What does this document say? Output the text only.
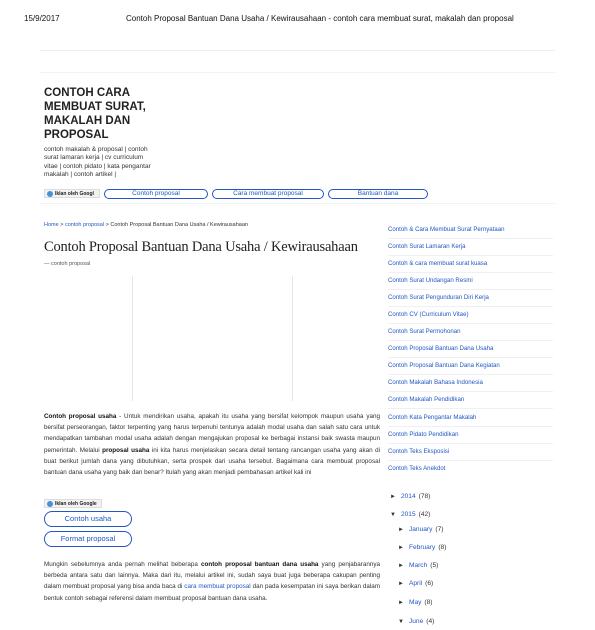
15/9/2017	Contoh Proposal Bantuan Dana Usaha / Kewirausahaan - contoh cara membuat surat, makalah dan proposal
CONTOH CARA MEMBUAT SURAT, MAKALAH DAN PROPOSAL
contoh makalah & proposal | contoh surat lamaran kerja | cv curriculum vitae | contoh pidato | kata pengantar makalah | contoh artikel |
Iklan oleh Googl	Contoh proposal	Cara membuat proposal	Bantuan dana
Home > contoh proposal > Contoh Proposal Bantuan Dana Usaha / Kewirausahaan
Contoh Proposal Bantuan Dana Usaha / Kewirausahaan
— contoh proposal
Contoh proposal usaha - Untuk mendirikan usaha, apakah itu usaha yang bersifat kelompok maupun usaha yang bersifat perseorangan, faktor terpenting yang harus terpenuhi tentunya adalah modal usaha dan salah satu cara untuk mendapatkan tambahan modal usaha adalah dengan mengajukan proposal ke berbagai instansi baik swasta maupun pemerintah. Melalui proposal usaha ini kita harus menjelaskan secara detail tentang rancangan usaha yang akan di buat berikut jumlah dana yang dibutuhkan, serta prospek dari usaha tersebut. Bagaimana cara membuat proposal bantuan dana usaha yang baik dan benar? Itulah yang akan menjadi pembahasan artikel kali ini
Iklan oleh Google
Contoh usaha
Format proposal
Mungkin sebelumnya anda pernah melihat beberapa contoh proposal bantuan dana usaha yang penjabarannya berbeda antara satu dan lainnya. Maka dari itu, melalui artikel ini, sudah saya buat juga beberapa cakupan penting dalam membuat proposal yang bisa anda baca di cara membuat proposal dan pada kesempatan ini saya berikan dalam bentuk contoh sebagai referensi dalam membuat proposal bantuan dana usaha.
Contoh & Cara Membuat Surat Pernyataan
Contoh Surat Lamaran Kerja
Contoh & cara membuat surat kuasa
Contoh Surat Undangan Resmi
Contoh Surat Pengunduran Diri Kerja
Contoh CV (Curriculum Vitae)
Contoh Surat Permohonan
Contoh Proposal Bantuan Dana Usaha
Contoh Proposal Bantuan Dana Kegiatan
Contoh Makalah Bahasa Indonesia
Contoh Makalah Pendidikan
Contoh Kata Pengantar Makalah
Contoh Pidato Pendidikan
Contoh Teks Eksposisi
Contoh Teks Anekdot
► 2014 (78)
▼ 2015 (42)
► January (7)
► February (8)
► March (5)
► April (6)
► May (8)
▼ June (4)
